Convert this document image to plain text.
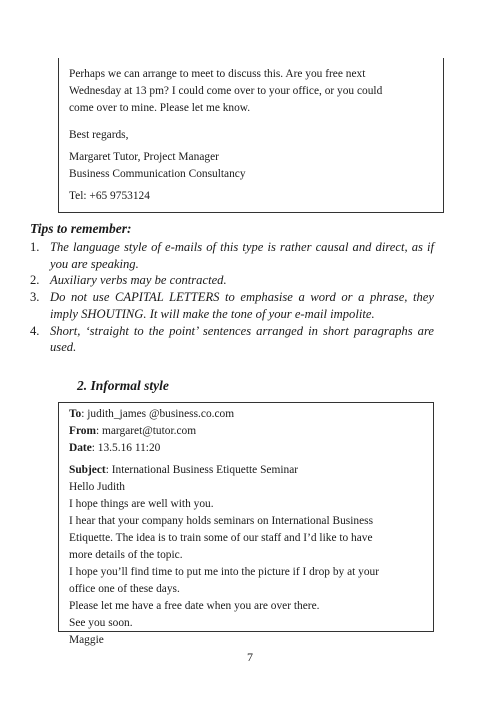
Perhaps we can arrange to meet to discuss this. Are you free next

Wednesday at 13 pm? I could come over to your office, or you could

come over to mine. Please let me know.

Best regards,

Margaret Tutor, Project Manager

Business Communication Consultancy

Tel: +65 9753124

Tips to remember:
1. The language style of e-mails of this type is rather causal and direct, as if you are speaking.
2. Auxiliary verbs may be contracted.
3. Do not use CAPITAL LETTERS to emphasise a word or a phrase, they imply SHOUTING. It will make the tone of your e-mail impolite.
4. Short, ‘straight to the point’ sentences arranged in short paragraphs are used.
2. Informal style

To: judith_james @business.co.com

From: margaret@tutor.com

Date: 13.5.16 11:20

Subject: International Business Etiquette Seminar

Hello Judith

I hope things are well with you.

I hear that your company holds seminars on International Business

Etiquette. The idea is to train some of our staff and I’d like to have

more details of the topic.

I hope you’ll find time to put me into the picture if I drop by at your

office one of these days.

Please let me have a free date when you are over there.

See you soon.

Maggie

7
